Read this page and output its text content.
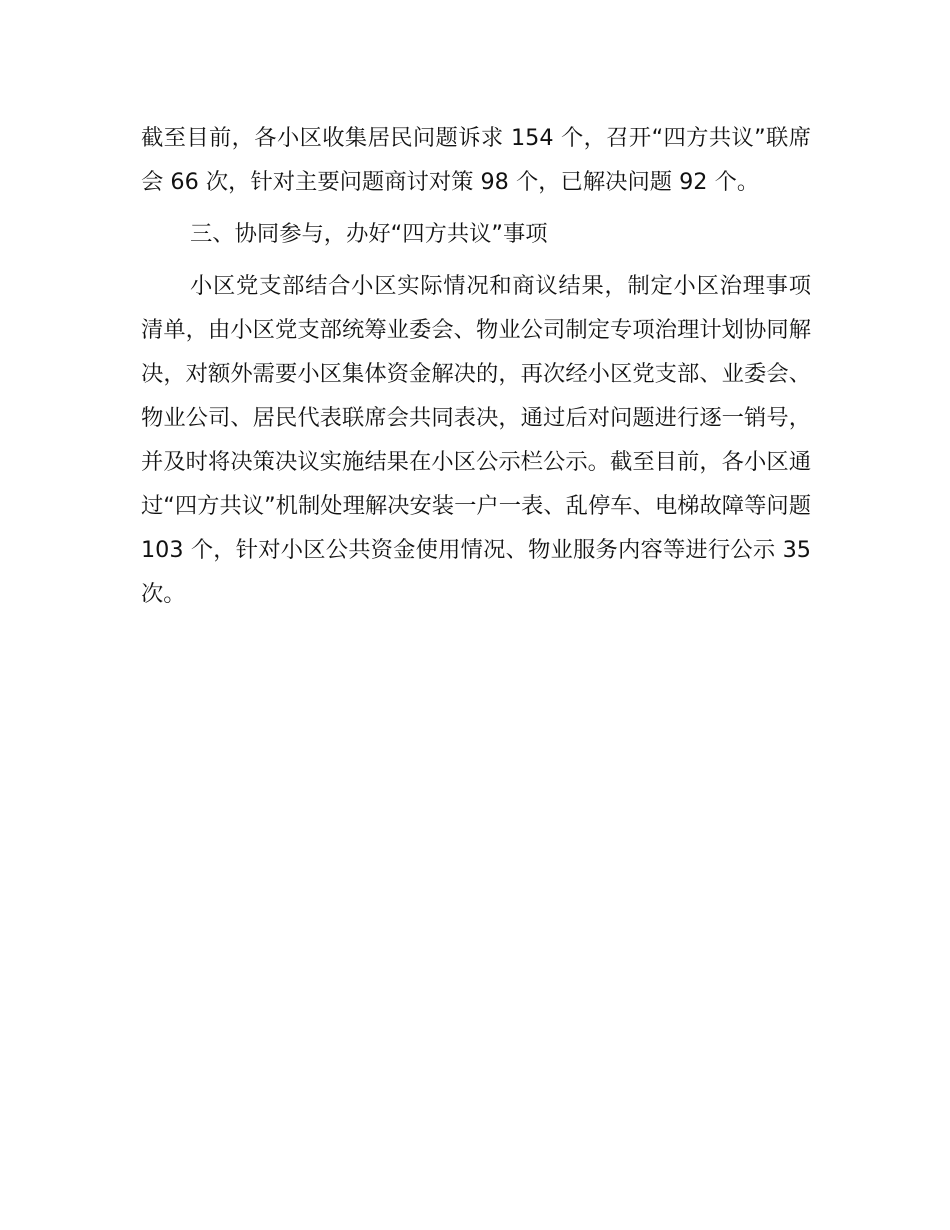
截至目前，各小区收集居民问题诉求 154 个，召开“四方共议”联席会 66 次，针对主要问题商讨对策 98 个，已解决问题 92 个。

三、协同参与，办好“四方共议”事项

小区党支部结合小区实际情况和商议结果，制定小区治理事项清单，由小区党支部统筹业委会、物业公司制定专项治理计划协同解决，对额外需要小区集体资金解决的，再次经小区党支部、业委会、物业公司、居民代表联席会共同表决，通过后对问题进行逐一销号，并及时将决策决议实施结果在小区公示栏公示。截至目前，各小区通过“四方共议”机制处理解决安装一户一表、乱停车、电梯故障等问题 103 个，针对小区公共资金使用情况、物业服务内容等进行公示 35 次。
